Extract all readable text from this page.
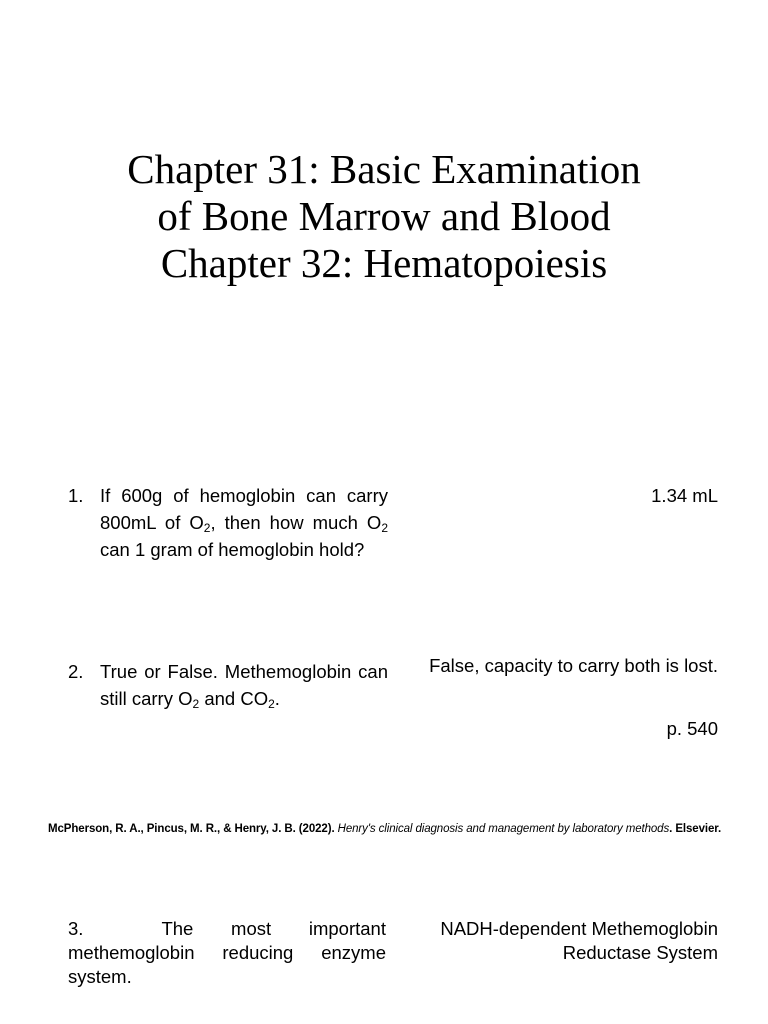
Chapter 31: Basic Examination
of Bone Marrow and Blood
Chapter 32: Hematopoiesis
1. If 600g of hemoglobin can carry 800mL of $O_2$, then how much $O_2$ can 1 gram of hemoglobin hold?
1.34 mL
2. True or False. Methemoglobin can still carry $O_2$ and $CO_2$.
False, capacity to carry both is lost.
p. 540
McPherson, R. A., Pincus, M. R., & Henry, J. B. (2022). Henry's clinical diagnosis and management by laboratory methods. Elsevier.
3.	The most important methemoglobin reducing enzyme system.
NADH-dependent Methemoglobin
Reductase System
